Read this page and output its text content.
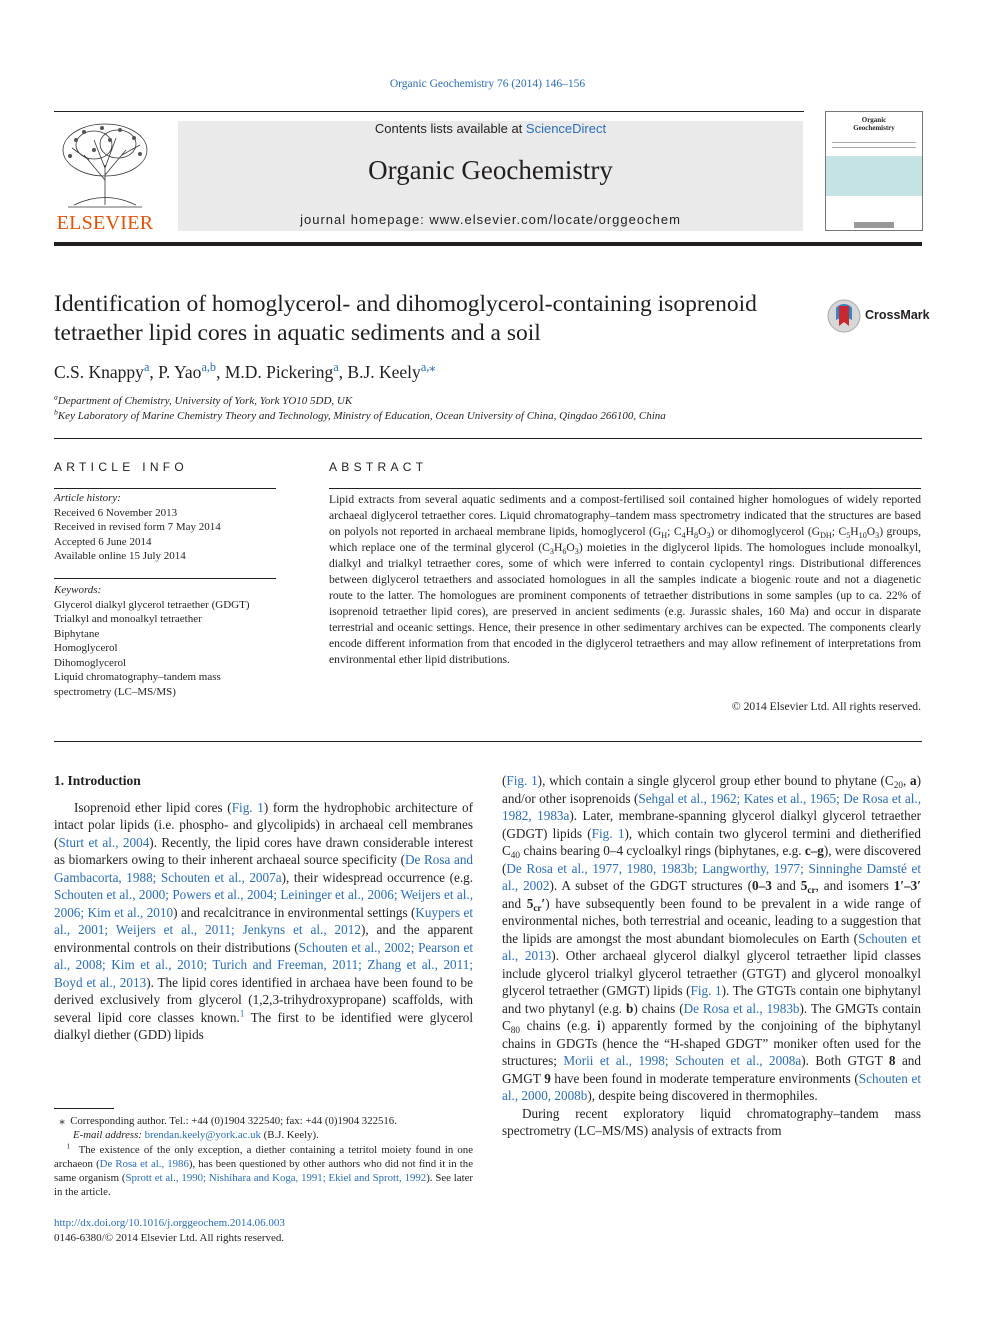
Organic Geochemistry 76 (2014) 146–156
ELSEVIER
Contents lists available at ScienceDirect
Organic Geochemistry
journal homepage: www.elsevier.com/locate/orggeochem
Organic
Geochemistry
Identification of homoglycerol- and dihomoglycerol-containing isoprenoid tetraether lipid cores in aquatic sediments and a soil
CrossMark
C.S. Knappy$^a$, P. Yao$^{a,b}$, M.D. Pickering$^a$, B.J. Keely$^{a,⁎}$
$^a$Department of Chemistry, University of York, York YO10 5DD, UK
$^b$Key Laboratory of Marine Chemistry Theory and Technology, Ministry of Education, Ocean University of China, Qingdao 266100, China
ARTICLE INFO	ABSTRACT
Article history:
Received 6 November 2013
Received in revised form 7 May 2014
Accepted 6 June 2014
Available online 15 July 2014
Keywords:
Glycerol dialkyl glycerol tetraether (GDGT)
Trialkyl and monoalkyl tetraether
Biphytane
Homoglycerol
Dihomoglycerol
Liquid chromatography–tandem mass spectrometry (LC–MS/MS)
Lipid extracts from several aquatic sediments and a compost-fertilised soil contained higher homologues of widely reported archaeal diglycerol tetraether cores. Liquid chromatography–tandem mass spectrometry indicated that the structures are based on polyols not reported in archaeal membrane lipids, homoglycerol ($G_H$; $C_4H_8O_3$) or dihomoglycerol ($G_{DH}$; $C_5H_{10}O_3$) groups, which replace one of the terminal glycerol $(C_3H_6O_3)$ moieties in the diglycerol lipids. The homologues include monoalkyl, dialkyl and trialkyl tetraether cores, some of which were inferred to contain cyclopentyl rings. Distributional differences between diglycerol tetraethers and associated homologues in all the samples indicate a biogenic route and not a diagenetic route to the latter. The homologues are prominent components of tetraether distributions in some samples (up to ca. 22% of isoprenoid tetraether lipid cores), are preserved in ancient sediments (e.g. Jurassic shales, 160 Ma) and occur in disparate terrestrial and oceanic settings. Hence, their presence in other sedimentary archives can be expected. The components clearly encode different information from that encoded in the diglycerol tetraethers and may allow refinement of interpretations from environmental ether lipid distributions.
© 2014 Elsevier Ltd. All rights reserved.
1. Introduction

Isoprenoid ether lipid cores (Fig. 1) form the hydrophobic architecture of intact polar lipids (i.e. phospho- and glycolipids) in archaeal cell membranes (Sturt et al., 2004). Recently, the lipid cores have drawn considerable interest as biomarkers owing to their inherent archaeal source specificity (De Rosa and Gambacorta, 1988; Schouten et al., 2007a), their widespread occurrence (e.g. Schouten et al., 2000; Powers et al., 2004; Leininger et al., 2006; Weijers et al., 2006; Kim et al., 2010) and recalcitrance in environmental settings (Kuypers et al., 2001; Weijers et al., 2011; Jenkyns et al., 2012), and the apparent environmental controls on their distributions (Schouten et al., 2002; Pearson et al., 2008; Kim et al., 2010; Turich and Freeman, 2011; Zhang et al., 2011; Boyd et al., 2013). The lipid cores identified in archaea have been found to be derived exclusively from glycerol (1,2,3-trihydroxypropane) scaffolds, with several lipid core classes known.$^1$ The first to be identified were glycerol dialkyl diether (GDD) lipids

⁎  Corresponding author. Tel.: +44 (0)1904 322540; fax: +44 (0)1904 322516.
E-mail address: brendan.keely@york.ac.uk (B.J. Keely).
$^1$  The existence of the only exception, a diether containing a tetritol moiety found in one archaeon (De Rosa et al., 1986), has been questioned by other authors who did not find it in the same organism (Sprott et al., 1990; Nishihara and Koga, 1991; Ekiel and Sprott, 1992). See later in the article.
http://dx.doi.org/10.1016/j.orggeochem.2014.06.003
0146-6380/© 2014 Elsevier Ltd. All rights reserved.

(Fig. 1), which contain a single glycerol group ether bound to phytane ($C_{20}$, a) and/or other isoprenoids (Sehgal et al., 1962; Kates et al., 1965; De Rosa et al., 1982, 1983a). Later, membrane-spanning glycerol dialkyl glycerol tetraether (GDGT) lipids (Fig. 1), which contain two glycerol termini and dietherified $C_{40}$ chains bearing 0–4 cycloalkyl rings (biphytanes, e.g. c–g), were discovered (De Rosa et al., 1977, 1980, 1983b; Langworthy, 1977; Sinninghe Damsté et al., 2002). A subset of the GDGT structures (0–3 and $5_{cr}$, and isomers 1′–3′ and $5_{cr}'$) have subsequently been found to be prevalent in a wide range of environmental niches, both terrestrial and oceanic, leading to a suggestion that the lipids are amongst the most abundant biomolecules on Earth (Schouten et al., 2013). Other archaeal glycerol dialkyl glycerol tetraether lipid classes include glycerol trialkyl glycerol tetraether (GTGT) and glycerol monoalkyl glycerol tetraether (GMGT) lipids (Fig. 1). The GTGTs contain one biphytanyl and two phytanyl (e.g. b) chains (De Rosa et al., 1983b). The GMGTs contain $C_{80}$ chains (e.g. i) apparently formed by the conjoining of the biphytanyl chains in GDGTs (hence the “H-shaped GDGT” moniker often used for the structures; Morii et al., 1998; Schouten et al., 2008a). Both GTGT 8 and GMGT 9 have been found in moderate temperature environments (Schouten et al., 2000, 2008b), despite being discovered in thermophiles.

During recent exploratory liquid chromatography–tandem mass spectrometry (LC–MS/MS) analysis of extracts from
